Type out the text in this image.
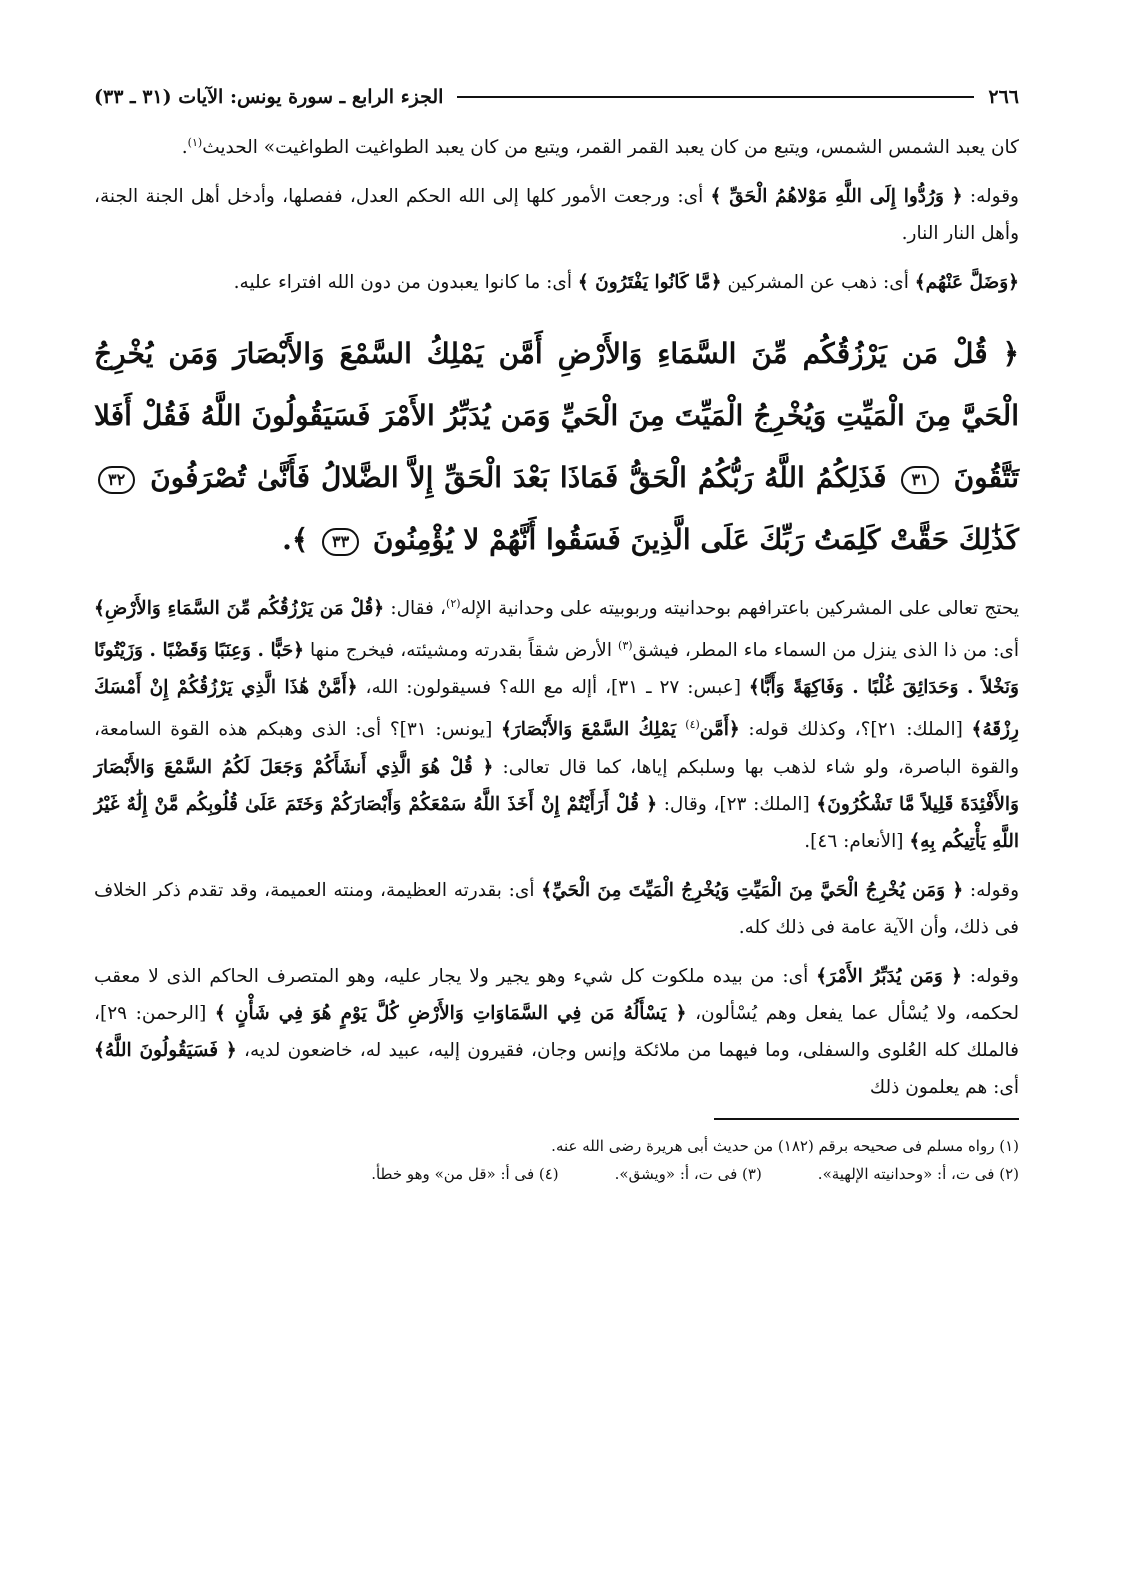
٢٦٦
الجزء الرابع ـ سورة يونس: الآيات (٣١ ـ ٣٣)

كان يعبد الشمس الشمس، ويتبع من كان يعبد القمر القمر، ويتبع من كان يعبد الطواغيت الطواغيت» الحديث$^{(١)}$.

وقوله: ﴿ وَرُدُّوا إِلَى اللَّهِ مَوْلاهُمُ الْحَقِّ ﴾ أى: ورجعت الأمور كلها إلى الله الحكم العدل، ففصلها، وأدخل أهل الجنة الجنة، وأهل النار النار.

﴿وَضَلَّ عَنْهُم﴾ أى: ذهب عن المشركين ﴿مَّا كَانُوا يَفْتَرُونَ ﴾ أى: ما كانوا يعبدون من دون الله افتراء عليه.

﴿ قُلْ مَن يَرْزُقُكُم مِّنَ السَّمَاءِ وَالأَرْضِ أَمَّن يَمْلِكُ السَّمْعَ وَالأَبْصَارَ وَمَن يُخْرِجُ الْحَيَّ مِنَ الْمَيِّتِ وَيُخْرِجُ الْمَيِّتَ مِنَ الْحَيِّ وَمَن يُدَبِّرُ الأَمْرَ فَسَيَقُولُونَ اللَّهُ فَقُلْ أَفَلا تَتَّقُونَ ٣١ فَذَلِكُمُ اللَّهُ رَبُّكُمُ الْحَقُّ فَمَاذَا بَعْدَ الْحَقِّ إِلاَّ الضَّلالُ فَأَنَّىٰ تُصْرَفُونَ ٣٢ كَذَٰلِكَ حَقَّتْ كَلِمَتُ رَبِّكَ عَلَى الَّذِينَ فَسَقُوا أَنَّهُمْ لا يُؤْمِنُونَ ٣٣ ﴾.

يحتج تعالى على المشركين باعترافهم بوحدانيته وربوبيته على وحدانية الإله$^{(٢)}$، فقال: ﴿قُلْ مَن يَرْزُقُكُم مِّنَ السَّمَاءِ وَالأَرْضِ﴾ أى: من ذا الذى ينزل من السماء ماء المطر، فيشق$^{(٣)}$ الأرض شقاً بقدرته ومشيئته، فيخرج منها ﴿حَبًّا . وَعِنَبًا وَقَضْبًا . وَزَيْتُونًا وَنَخْلاً . وَحَدَائِقَ غُلْبًا . وَفَاكِهَةً وَأَبًّا﴾ [عبس: ٢٧ ـ ٣١]، أإله مع الله؟ فسيقولون: الله، ﴿أَمَّنْ هَٰذَا الَّذِي يَرْزُقُكُمْ إِنْ أَمْسَكَ رِزْقَهُ﴾ [الملك: ٢١]؟، وكذلك قوله: ﴿أَمَّن$^{(٤)}$ يَمْلِكُ السَّمْعَ وَالأَبْصَارَ﴾ [يونس: ٣١]؟ أى: الذى وهبكم هذه القوة السامعة، والقوة الباصرة، ولو شاء لذهب بها وسلبكم إياها، كما قال تعالى: ﴿ قُلْ هُوَ الَّذِي أَنشَأَكُمْ وَجَعَلَ لَكُمُ السَّمْعَ وَالأَبْصَارَ وَالأَفْئِدَةَ قَلِيلاً مَّا تَشْكُرُونَ﴾ [الملك: ٢٣]، وقال: ﴿ قُلْ أَرَأَيْتُمْ إِنْ أَخَذَ اللَّهُ سَمْعَكُمْ وَأَبْصَارَكُمْ وَخَتَمَ عَلَىٰ قُلُوبِكُم مَّنْ إِلَٰهٌ غَيْرُ اللَّهِ يَأْتِيكُم بِهِ﴾ [الأنعام: ٤٦].

وقوله: ﴿ وَمَن يُخْرِجُ الْحَيَّ مِنَ الْمَيِّتِ وَيُخْرِجُ الْمَيِّتَ مِنَ الْحَيِّ﴾ أى: بقدرته العظيمة، ومنته العميمة، وقد تقدم ذكر الخلاف فى ذلك، وأن الآية عامة فى ذلك كله.

وقوله: ﴿ وَمَن يُدَبِّرُ الأَمْرَ﴾ أى: من بيده ملكوت كل شيء وهو يجير ولا يجار عليه، وهو المتصرف الحاكم الذى لا معقب لحكمه، ولا يُسْأل عما يفعل وهم يُسْألون، ﴿ يَسْأَلُهُ مَن فِي السَّمَاوَاتِ وَالأَرْضِ كُلَّ يَوْمٍ هُوَ فِي شَأْنٍ ﴾ [الرحمن: ٢٩]، فالملك كله العُلوى والسفلى، وما فيهما من ملائكة وإنس وجان، فقيرون إليه، عبيد له، خاضعون لديه، ﴿ فَسَيَقُولُونَ اللَّهُ﴾ أى: هم يعلمون ذلك

(١) رواه مسلم فى صحيحه برقم (١٨٢) من حديث أبى هريرة رضى الله عنه.
(٢) فى ت، أ: «وحدانيته الإلهية».
(٣) فى ت، أ: «ويشق».
(٤) فى أ: «قل من» وهو خطأ.
